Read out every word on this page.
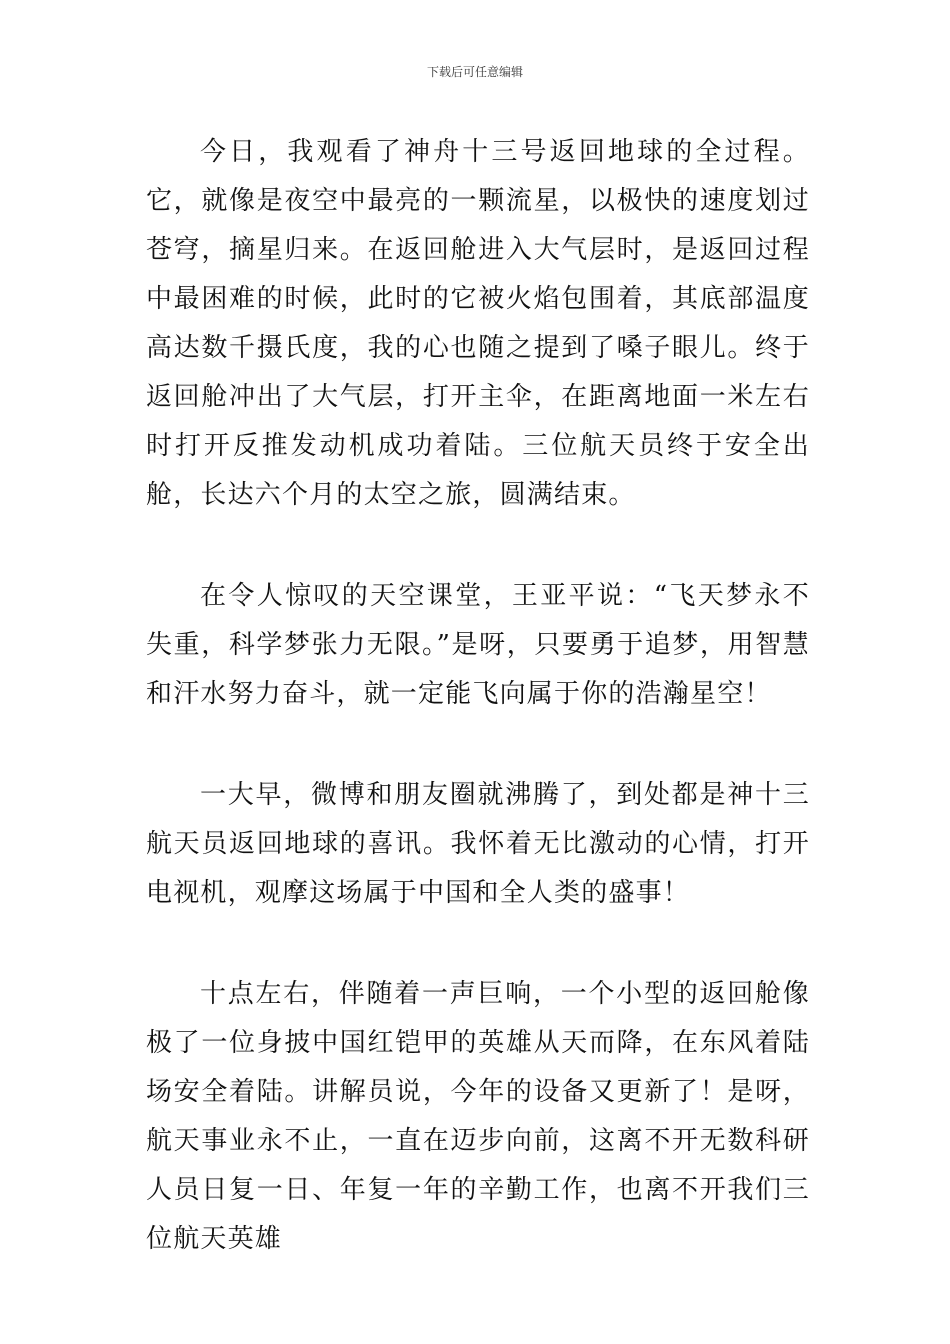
下载后可任意编辑

今日，我观看了神舟十三号返回地球的全过程。它，就像是夜空中最亮的一颗流星，以极快的速度划过苍穹，摘星归来。在返回舱进入大气层时，是返回过程中最困难的时候，此时的它被火焰包围着，其底部温度高达数千摄氏度，我的心也随之提到了嗓子眼儿。终于返回舱冲出了大气层，打开主伞，在距离地面一米左右时打开反推发动机成功着陆。三位航天员终于安全出舱，长达六个月的太空之旅，圆满结束。

在令人惊叹的天空课堂，王亚平说：“飞天梦永不失重，科学梦张力无限。”是呀，只要勇于追梦，用智慧和汗水努力奋斗，就一定能飞向属于你的浩瀚星空！

一大早，微博和朋友圈就沸腾了，到处都是神十三航天员返回地球的喜讯。我怀着无比激动的心情，打开电视机，观摩这场属于中国和全人类的盛事！

十点左右，伴随着一声巨响，一个小型的返回舱像极了一位身披中国红铠甲的英雄从天而降，在东风着陆场安全着陆。讲解员说，今年的设备又更新了！是呀，航天事业永不止，一直在迈步向前，这离不开无数科研人员日复一日、年复一年的辛勤工作，也离不开我们三位航天英雄
